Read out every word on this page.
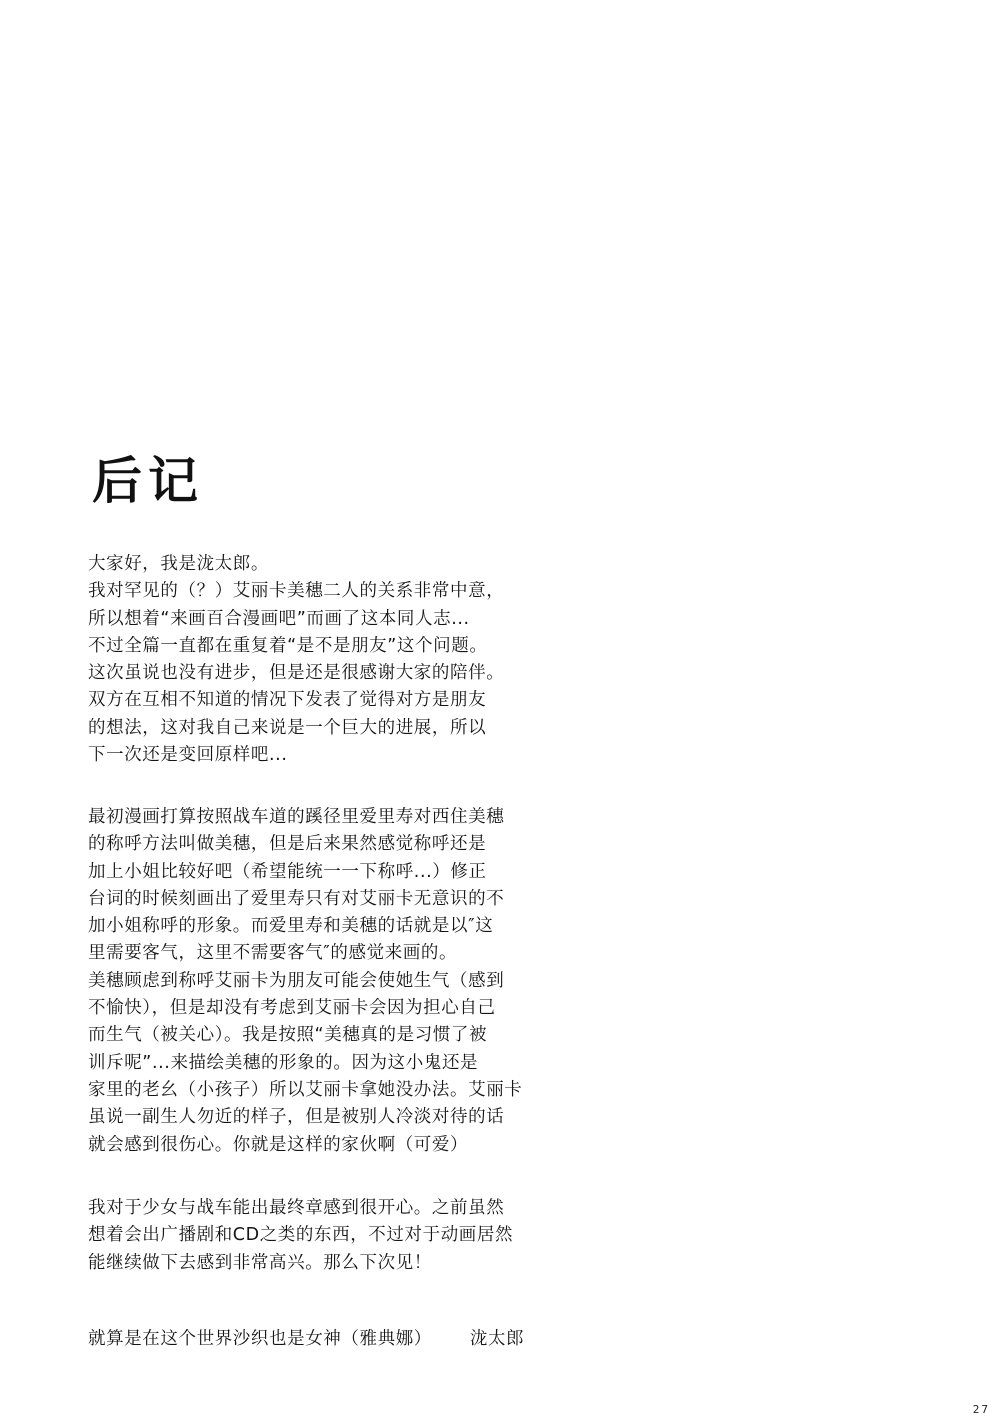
后记
大家好，我是泷太郎。
我对罕见的（？）艾丽卡美穗二人的关系非常中意，
所以想着“来画百合漫画吧”而画了这本同人志...
不过全篇一直都在重复着“是不是朋友”这个问题。
这次虽说也没有进步，但是还是很感谢大家的陪伴。
双方在互相不知道的情况下发表了觉得对方是朋友
的想法，这对我自己来说是一个巨大的进展，所以
下一次还是变回原样吧...
最初漫画打算按照战车道的蹊径里爱里寿对西住美穗
的称呼方法叫做美穗，但是后来果然感觉称呼还是
加上小姐比较好吧（希望能统一一下称呼...）修正
台词的时候刻画出了爱里寿只有对艾丽卡无意识的不
加小姐称呼的形象。而爱里寿和美穗的话就是以″这
里需要客气，这里不需要客气″的感觉来画的。
美穗顾虑到称呼艾丽卡为朋友可能会使她生气（感到
不愉快），但是却没有考虑到艾丽卡会因为担心自己
而生气（被关心）。我是按照“美穗真的是习惯了被
训斥呢”...来描绘美穗的形象的。因为这小鬼还是
家里的老幺（小孩子）所以艾丽卡拿她没办法。艾丽卡
虽说一副生人勿近的样子，但是被别人冷淡对待的话
就会感到很伤心。你就是这样的家伙啊（可爱）
我对于少女与战车能出最终章感到很开心。之前虽然
想着会出广播剧和CD之类的东西，不过对于动画居然
能继续做下去感到非常高兴。那么下次见！
就算是在这个世界沙织也是女神（雅典娜） 泷太郎
27
